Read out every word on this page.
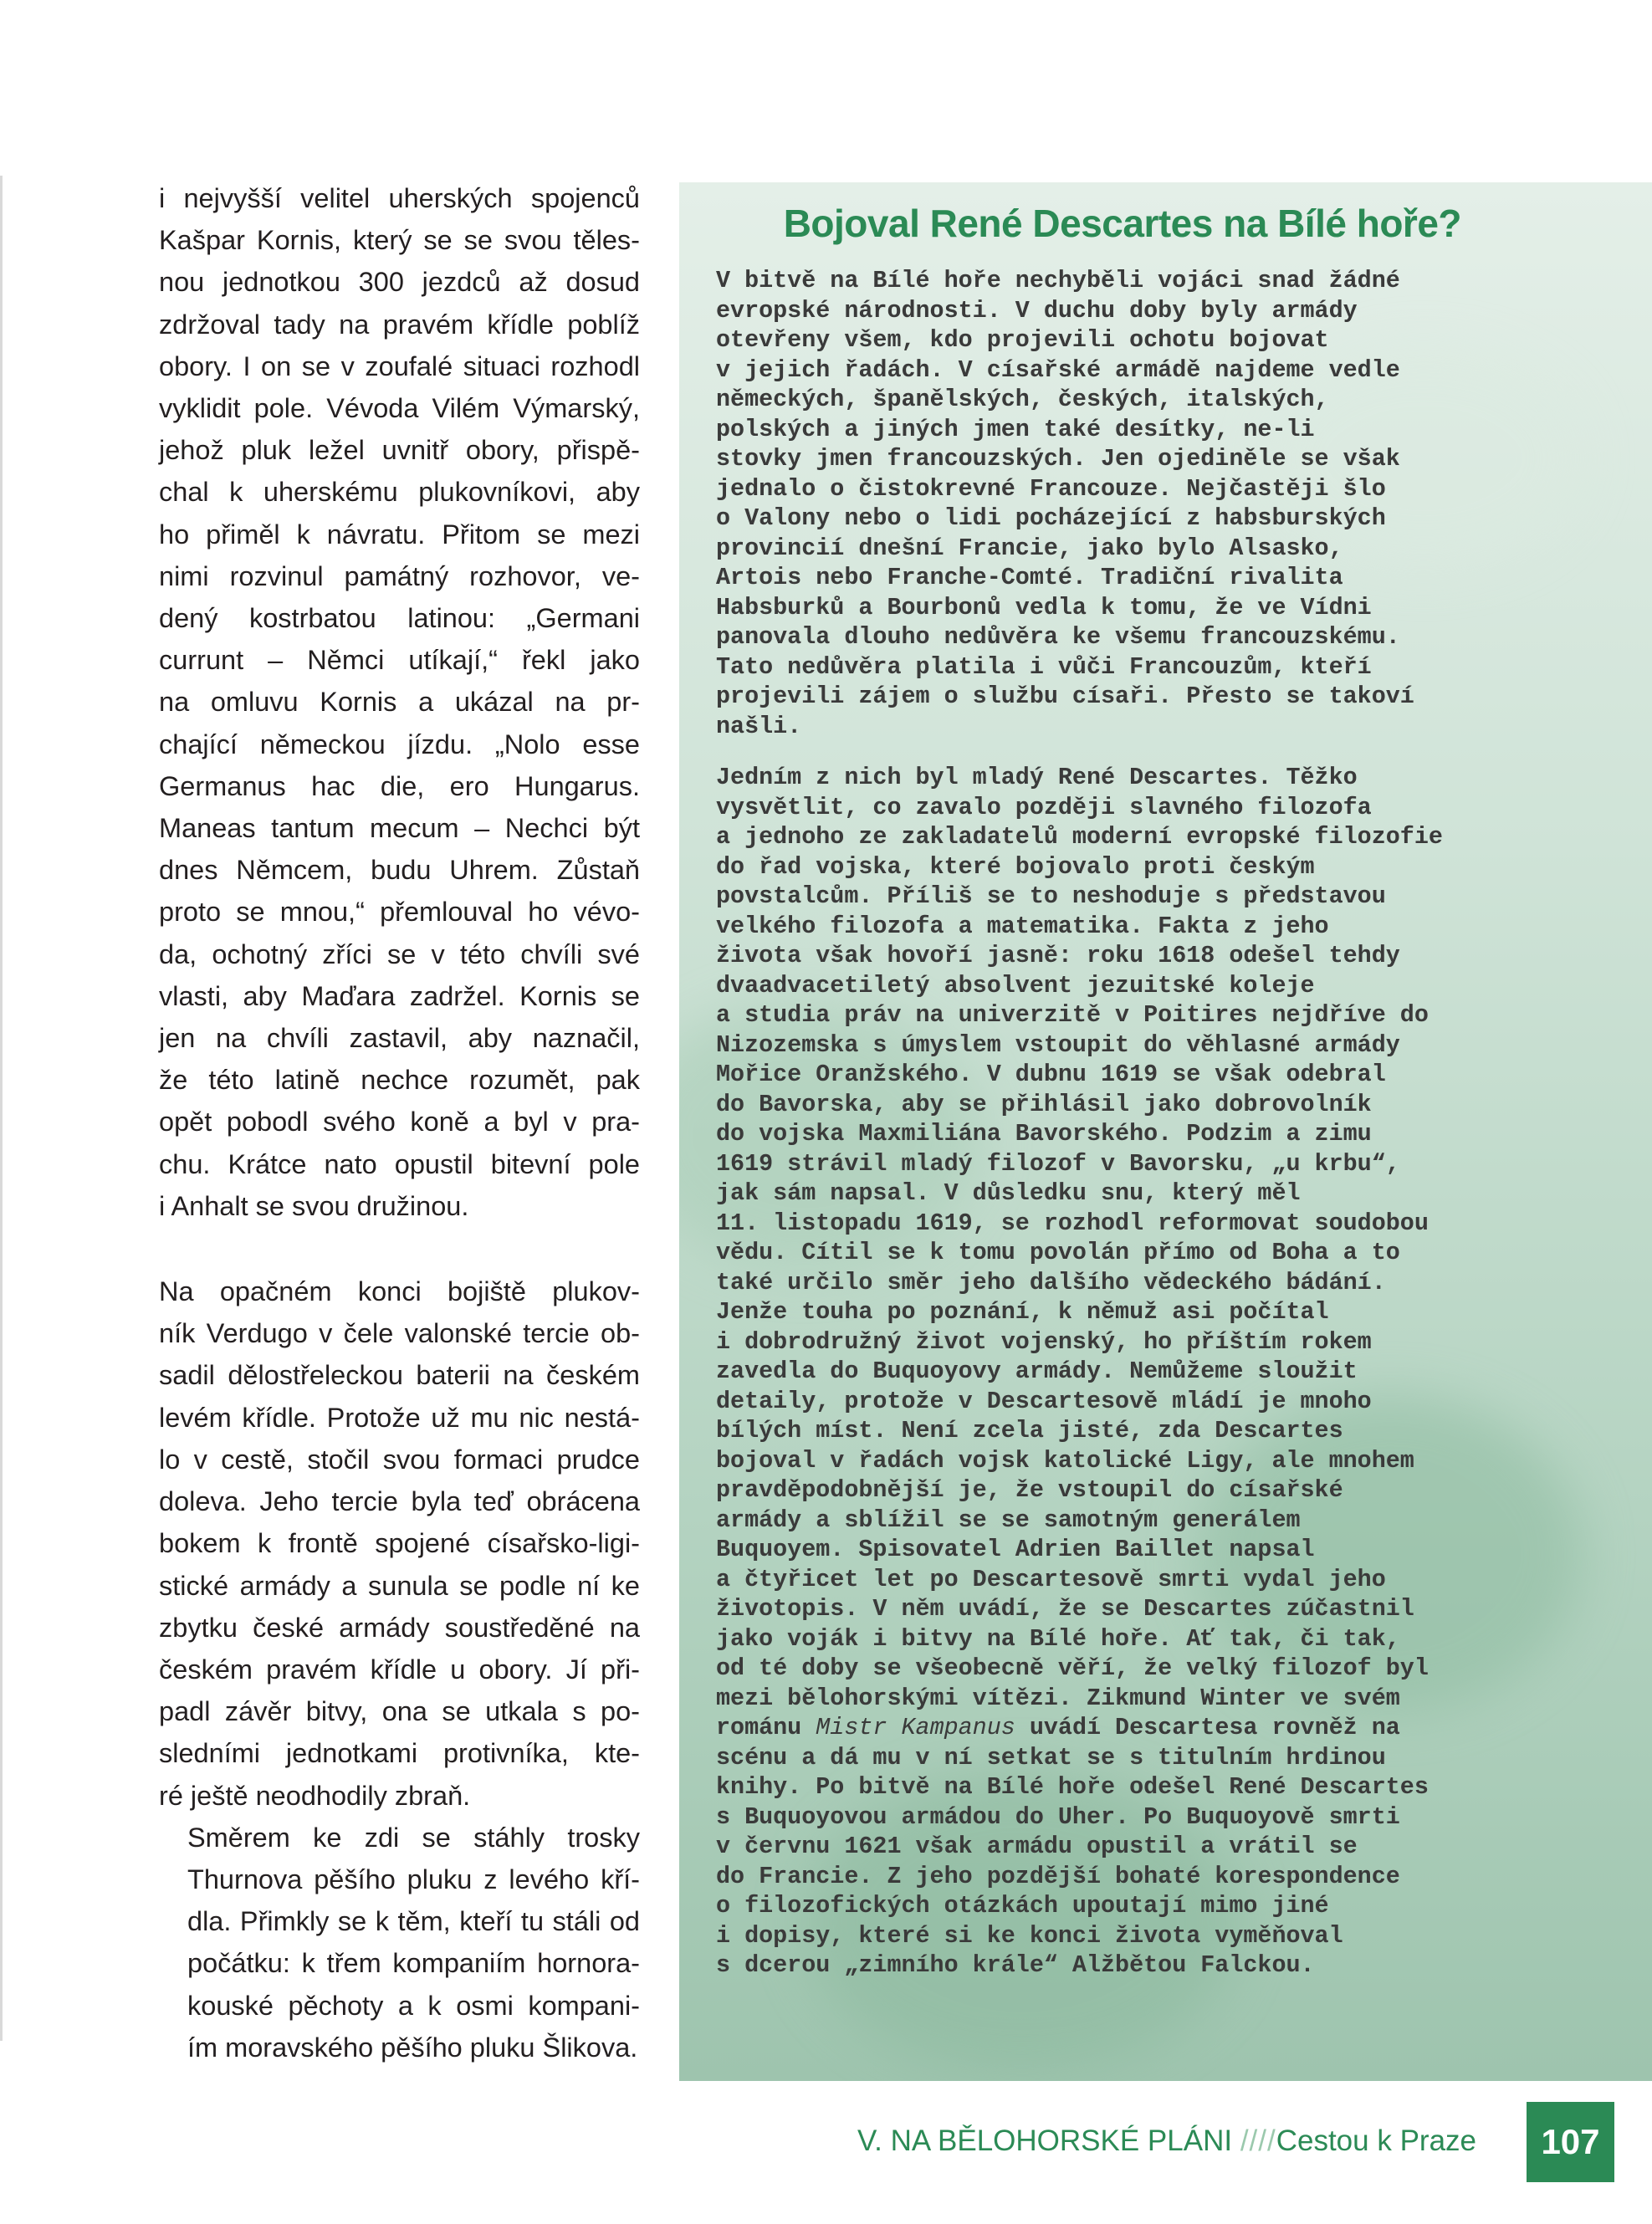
i nejvyšší velitel uherských spojenců
Kašpar Kornis, který se se svou těles-
nou jednotkou 300 jezdců až dosud
zdržoval tady na pravém křídle poblíž
obory. I on se v zoufalé situaci rozhodl
vyklidit pole. Vévoda Vilém Výmarský,
jehož pluk ležel uvnitř obory, přispě-
chal k uherskému plukovníkovi, aby
ho přiměl k návratu. Přitom se mezi
nimi rozvinul památný rozhovor, ve-
dený kostrbatou latinou: „Germani
currunt – Němci utíkají,“ řekl jako
na omluvu Kornis a ukázal na pr-
chající německou jízdu. „Nolo esse
Germanus hac die, ero Hungarus.
Maneas tantum mecum – Nechci být
dnes Němcem, budu Uhrem. Zůstaň
proto se mnou,“ přemlouval ho vévo-
da, ochotný zříci se v této chvíli své
vlasti, aby Maďara zadržel. Kornis se
jen na chvíli zastavil, aby naznačil,
že této latině nechce rozumět, pak
opět pobodl svého koně a byl v pra-
chu. Krátce nato opustil bitevní pole
i Anhalt se svou družinou.

Na opačném konci bojiště plukov-
ník Verdugo v čele valonské tercie ob-
sadil dělostřeleckou baterii na českém
levém křídle. Protože už mu nic nestá-
lo v cestě, stočil svou formaci prudce
doleva. Jeho tercie byla teď obrácena
bokem k frontě spojené císařsko-ligi-
stické armády a sunula se podle ní ke
zbytku české armády soustředěné na
českém pravém křídle u obory. Jí při-
padl závěr bitvy, ona se utkala s po-
sledními jednotkami protivníka, kte-
ré ještě neodhodily zbraň.

Směrem ke zdi se stáhly trosky
Thurnova pěšího pluku z levého kří-
dla. Přimkly se k těm, kteří tu stáli od
počátku: k třem kompaniím hornora-
kouské pěchoty a k osmi kompani-
ím moravského pěšího pluku Šlikova.

Bojoval René Descartes na Bílé hoře?

V bitvě na Bílé hoře nechyběli vojáci snad žádné
evropské národnosti. V duchu doby byly armády
otevřeny všem, kdo projevili ochotu bojovat
v jejich řadách. V císařské armádě najdeme vedle
německých, španělských, českých, italských,
polských a jiných jmen také desítky, ne-li
stovky jmen francouzských. Jen ojediněle se však
jednalo o čistokrevné Francouze. Nejčastěji šlo
o Valony nebo o lidi pocházející z habsburských
provincií dnešní Francie, jako bylo Alsasko,
Artois nebo Franche-Comté. Tradiční rivalita
Habsburků a Bourbonů vedla k tomu, že ve Vídni
panovala dlouho nedůvěra ke všemu francouzskému.
Tato nedůvěra platila i vůči Francouzům, kteří
projevili zájem o službu císaři. Přesto se takoví
našli.

Jedním z nich byl mladý René Descartes. Těžko
vysvětlit, co zavalo později slavného filozofa
a jednoho ze zakladatelů moderní evropské filozofie
do řad vojska, které bojovalo proti českým
povstalcům. Příliš se to neshoduje s představou
velkého filozofa a matematika. Fakta z jeho
života však hovoří jasně: roku 1618 odešel tehdy
dvaadvacetiletý absolvent jezuitské koleje
a studia práv na univerzitě v Poitires nejdříve do
Nizozemska s úmyslem vstoupit do věhlasné armády
Mořice Oranžského. V dubnu 1619 se však odebral
do Bavorska, aby se přihlásil jako dobrovolník
do vojska Maxmiliána Bavorského. Podzim a zimu
1619 strávil mladý filozof v Bavorsku, „u krbu“,
jak sám napsal. V důsledku snu, který měl
11. listopadu 1619, se rozhodl reformovat soudobou
vědu. Cítil se k tomu povolán přímo od Boha a to
také určilo směr jeho dalšího vědeckého bádání.
Jenže touha po poznání, k němuž asi počítal
i dobrodružný život vojenský, ho příštím rokem
zavedla do Buquoyovy armády. Nemůžeme sloužit
detaily, protože v Descartesově mládí je mnoho
bílých míst. Není zcela jisté, zda Descartes
bojoval v řadách vojsk katolické Ligy, ale mnohem
pravděpodobnější je, že vstoupil do císařské
armády a sblížil se se samotným generálem
Buquoyem. Spisovatel Adrien Baillet napsal
a čtyřicet let po Descartesově smrti vydal jeho
životopis. V něm uvádí, že se Descartes zúčastnil
jako voják i bitvy na Bílé hoře. Ať tak, či tak,
od té doby se všeobecně věří, že velký filozof byl
mezi bělohorskými vítězi. Zikmund Winter ve svém
románu Mistr Kampanus uvádí Descartesa rovněž na
scénu a dá mu v ní setkat se s titulním hrdinou
knihy. Po bitvě na Bílé hoře odešel René Descartes
s Buquoyovou armádou do Uher. Po Buquoyově smrti
v červnu 1621 však armádu opustil a vrátil se
do Francie. Z jeho pozdější bohaté korespondence
o filozofických otázkách upoutají mimo jiné
i dopisy, které si ke konci života vyměňoval
s dcerou „zimního krále“ Alžbětou Falckou.

V. NA BĚLOHORSKÉ PLÁNI ////Cestou k Praze	107
